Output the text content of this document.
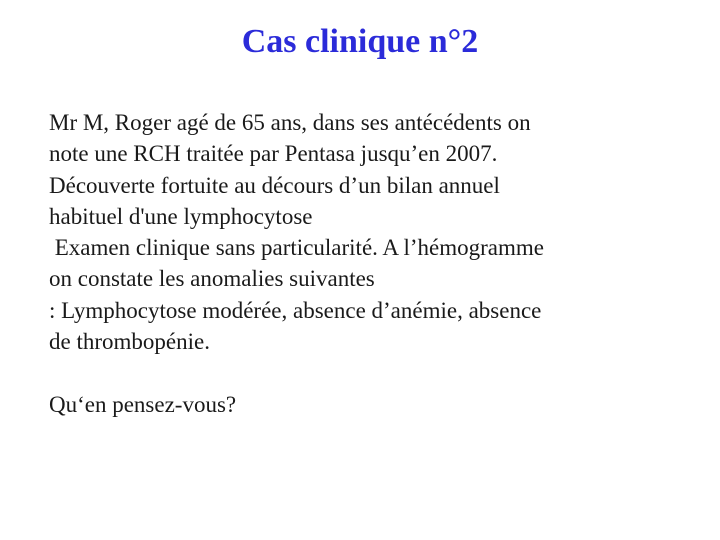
Cas clinique n°2
Mr M, Roger agé de 65 ans, dans ses antécédents on
note une RCH traitée par Pentasa jusqu’en 2007.
Découverte fortuite au décours d’un bilan annuel
habituel d'une lymphocytose
Examen clinique sans particularité. A l’hémogramme
on constate les anomalies suivantes
: Lymphocytose modérée, absence d’anémie, absence
de thrombopénie.
Qu‘en pensez-vous?
